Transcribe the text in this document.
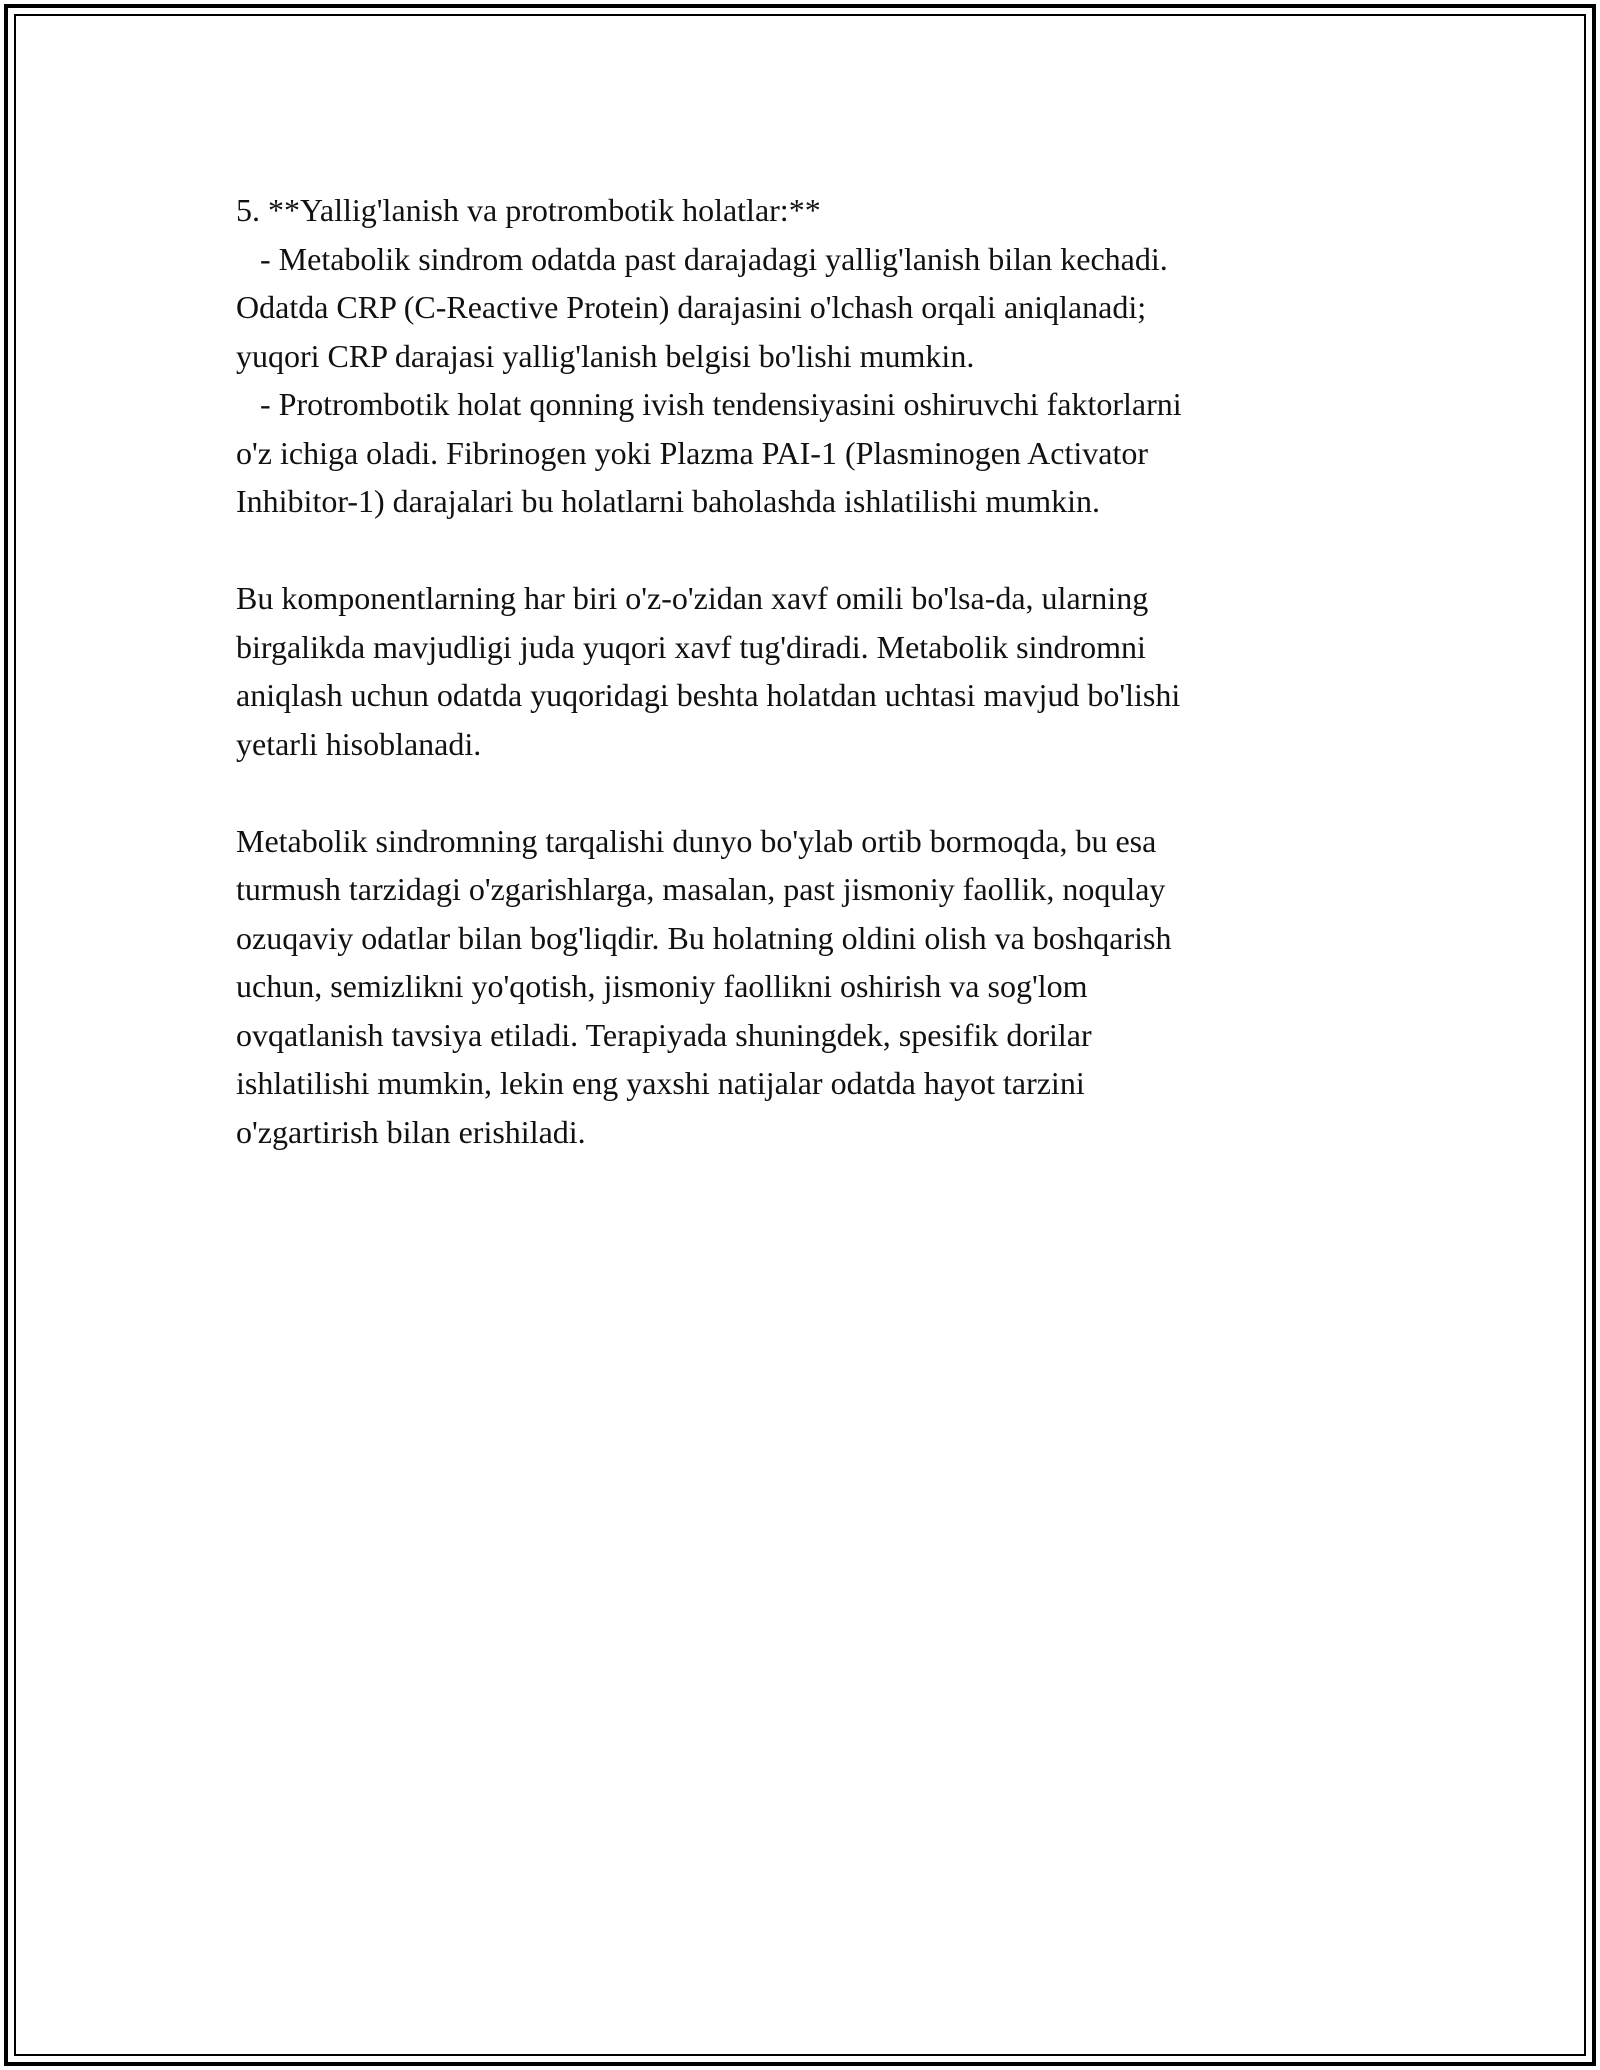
5. **Yallig'lanish va protrombotik holatlar:**
- Metabolik sindrom odatda past darajadagi yallig'lanish bilan kechadi.
Odatda CRP (C-Reactive Protein) darajasini o'lchash orqali aniqlanadi;
yuqori CRP darajasi yallig'lanish belgisi bo'lishi mumkin.
- Protrombotik holat qonning ivish tendensiyasini oshiruvchi faktorlarni
o'z ichiga oladi. Fibrinogen yoki Plazma PAI-1 (Plasminogen Activator
Inhibitor-1) darajalari bu holatlarni baholashda ishlatilishi mumkin.
Bu komponentlarning har biri o'z-o'zidan xavf omili bo'lsa-da, ularning
birgalikda mavjudligi juda yuqori xavf tug'diradi. Metabolik sindromni
aniqlash uchun odatda yuqoridagi beshta holatdan uchtasi mavjud bo'lishi
yetarli hisoblanadi.
Metabolik sindromning tarqalishi dunyo bo'ylab ortib bormoqda, bu esa
turmush tarzidagi o'zgarishlarga, masalan, past jismoniy faollik, noqulay
ozuqaviy odatlar bilan bog'liqdir. Bu holatning oldini olish va boshqarish
uchun, semizlikni yo'qotish, jismoniy faollikni oshirish va sog'lom
ovqatlanish tavsiya etiladi. Terapiyada shuningdek, spesifik dorilar
ishlatilishi mumkin, lekin eng yaxshi natijalar odatda hayot tarzini
o'zgartirish bilan erishiladi.
